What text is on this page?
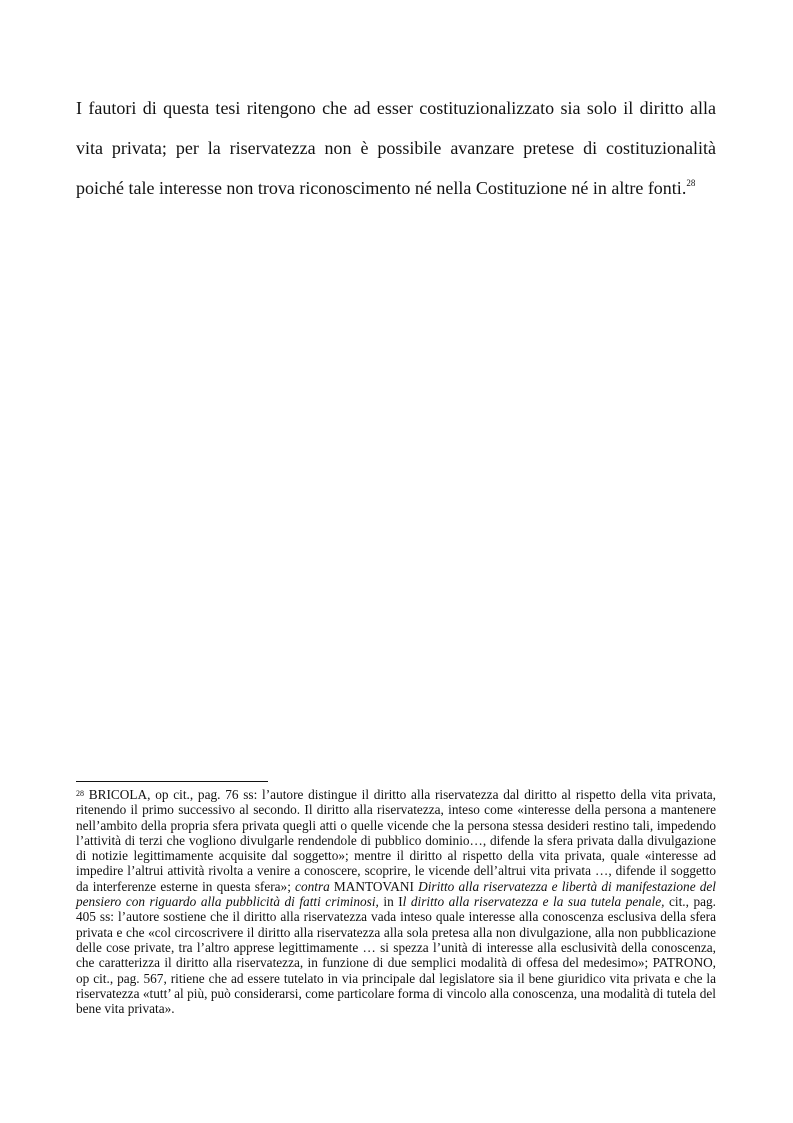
I fautori di questa tesi ritengono che ad esser costituzionalizzato sia solo il diritto alla vita privata; per la riservatezza non è possibile avanzare pretese di costituzionalità poiché tale interesse non trova riconoscimento né nella Costituzione né in altre fonti.$^{28}$

$^{28}$ BRICOLA, op cit., pag. 76 ss: l’autore distingue il diritto alla riservatezza dal diritto al rispetto della vita privata, ritenendo il primo successivo al secondo. Il diritto alla riservatezza, inteso come «interesse della persona a mantenere nell’ambito della propria sfera privata quegli atti o quelle vicende che la persona stessa desideri restino tali, impedendo l’attività di terzi che vogliono divulgarle rendendole di pubblico dominio…, difende la sfera privata dalla divulgazione di notizie legittimamente acquisite dal soggetto»; mentre il diritto al rispetto della vita privata, quale «interesse ad impedire l’altrui attività rivolta a venire a conoscere, scoprire, le vicende dell’altrui vita privata …, difende il soggetto da interferenze esterne in questa sfera»; contra MANTOVANI Diritto alla riservatezza e libertà di manifestazione del pensiero con riguardo alla pubblicità di fatti criminosi, in Il diritto alla riservatezza e la sua tutela penale, cit., pag. 405 ss: l’autore sostiene che il diritto alla riservatezza vada inteso quale interesse alla conoscenza esclusiva della sfera privata e che «col circoscrivere il diritto alla riservatezza alla sola pretesa alla non divulgazione, alla non pubblicazione delle cose private, tra l’altro apprese legittimamente … si spezza l’unità di interesse alla esclusività della conoscenza, che caratterizza il diritto alla riservatezza, in funzione di due semplici modalità di offesa del medesimo»; PATRONO, op cit., pag. 567, ritiene che ad essere tutelato in via principale dal legislatore sia il bene giuridico vita privata e che la riservatezza «tutt’ al più, può considerarsi, come particolare forma di vincolo alla conoscenza, una modalità di tutela del bene vita privata».
